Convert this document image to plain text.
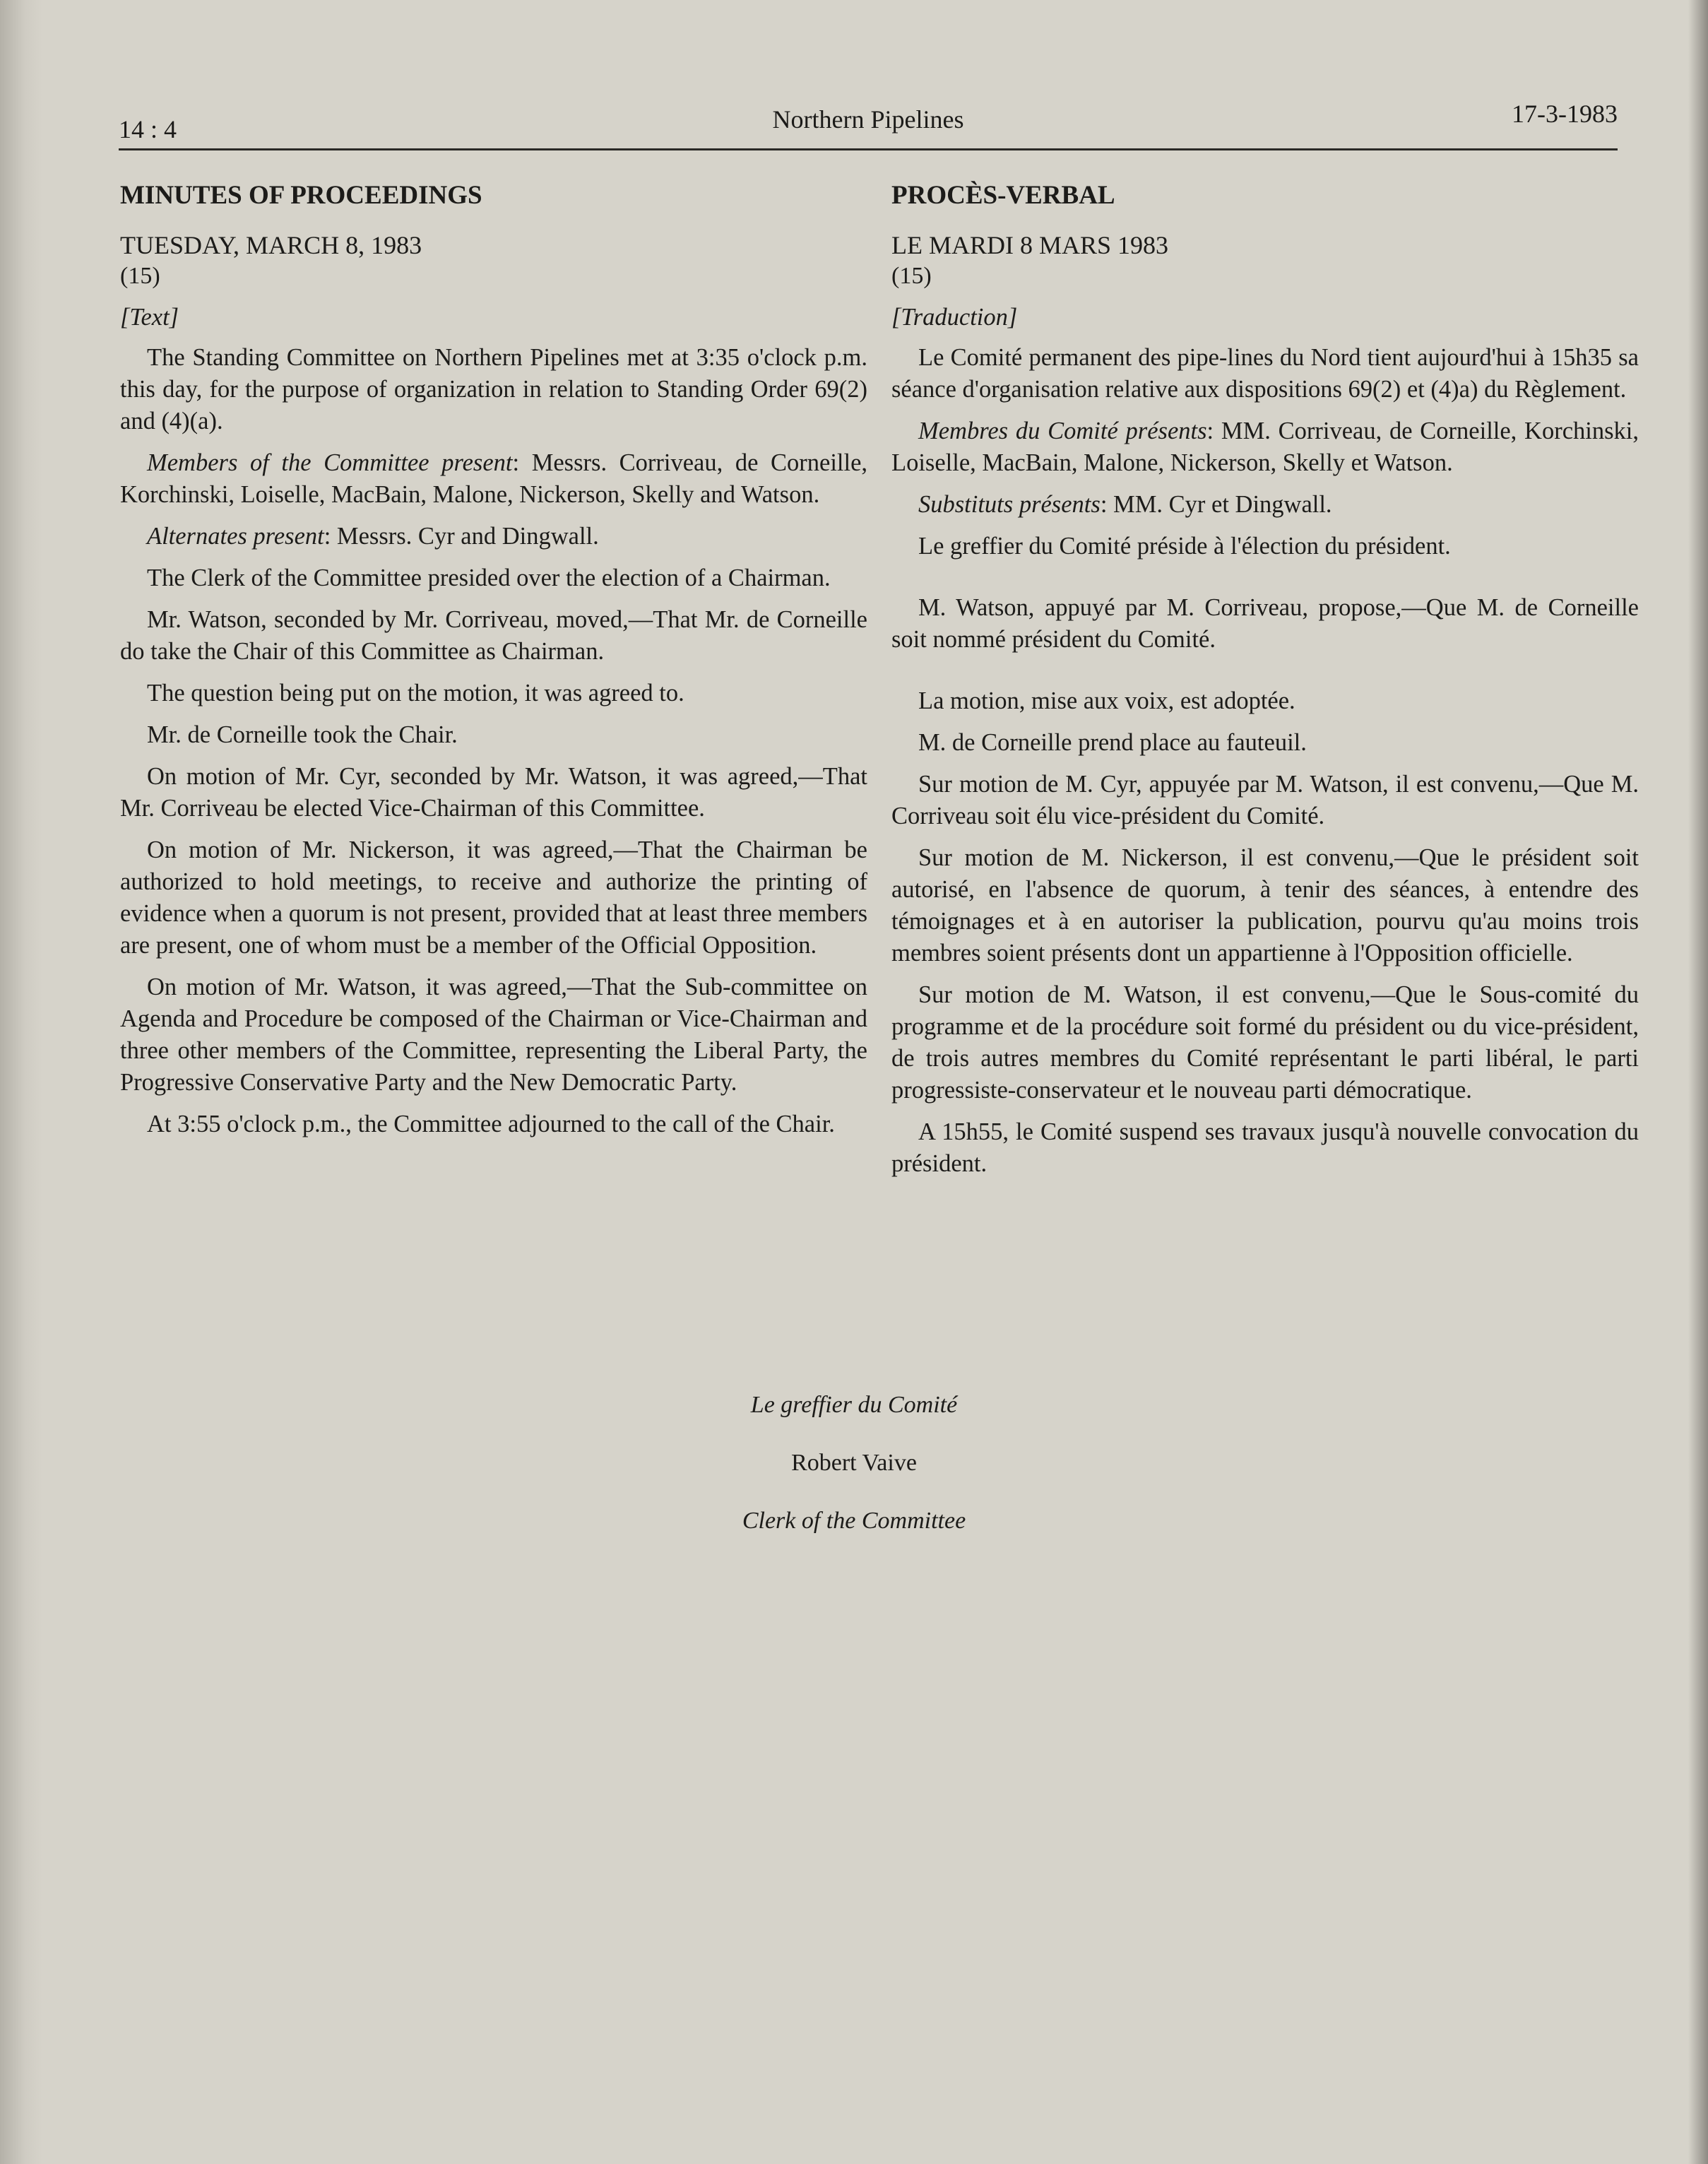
14 : 4	Northern Pipelines	17-3-1983
MINUTES OF PROCEEDINGS
TUESDAY, MARCH 8, 1983
(15)
[Text]

The Standing Committee on Northern Pipelines met at 3:35 o'clock p.m. this day, for the purpose of organization in relation to Standing Order 69(2) and (4)(a).

Members of the Committee present: Messrs. Corriveau, de Corneille, Korchinski, Loiselle, MacBain, Malone, Nickerson, Skelly and Watson.

Alternates present: Messrs. Cyr and Dingwall.

The Clerk of the Committee presided over the election of a Chairman.

Mr. Watson, seconded by Mr. Corriveau, moved,—That Mr. de Corneille do take the Chair of this Committee as Chairman.

The question being put on the motion, it was agreed to.

Mr. de Corneille took the Chair.

On motion of Mr. Cyr, seconded by Mr. Watson, it was agreed,—That Mr. Corriveau be elected Vice-Chairman of this Committee.

On motion of Mr. Nickerson, it was agreed,—That the Chairman be authorized to hold meetings, to receive and authorize the printing of evidence when a quorum is not present, provided that at least three members are present, one of whom must be a member of the Official Opposition.

On motion of Mr. Watson, it was agreed,—That the Sub-committee on Agenda and Procedure be composed of the Chairman or Vice-Chairman and three other members of the Committee, representing the Liberal Party, the Progressive Conservative Party and the New Democratic Party.

At 3:55 o'clock p.m., the Committee adjourned to the call of the Chair.

PROCÈS-VERBAL
LE MARDI 8 MARS 1983
(15)
[Traduction]

Le Comité permanent des pipe-lines du Nord tient aujourd'hui à 15h35 sa séance d'organisation relative aux dispositions 69(2) et (4)a) du Règlement.

Membres du Comité présents: MM. Corriveau, de Corneille, Korchinski, Loiselle, MacBain, Malone, Nickerson, Skelly et Watson.

Substituts présents: MM. Cyr et Dingwall.

Le greffier du Comité préside à l'élection du président.

M. Watson, appuyé par M. Corriveau, propose,—Que M. de Corneille soit nommé président du Comité.

La motion, mise aux voix, est adoptée.

M. de Corneille prend place au fauteuil.

Sur motion de M. Cyr, appuyée par M. Watson, il est convenu,—Que M. Corriveau soit élu vice-président du Comité.

Sur motion de M. Nickerson, il est convenu,—Que le président soit autorisé, en l'absence de quorum, à tenir des séances, à entendre des témoignages et à en autoriser la publication, pourvu qu'au moins trois membres soient présents dont un appartienne à l'Opposition officielle.

Sur motion de M. Watson, il est convenu,—Que le Sous-comité du programme et de la procédure soit formé du président ou du vice-président, de trois autres membres du Comité représentant le parti libéral, le parti progressiste-conservateur et le nouveau parti démocratique.

A 15h55, le Comité suspend ses travaux jusqu'à nouvelle convocation du président.

Le greffier du Comité
Robert Vaive
Clerk of the Committee
